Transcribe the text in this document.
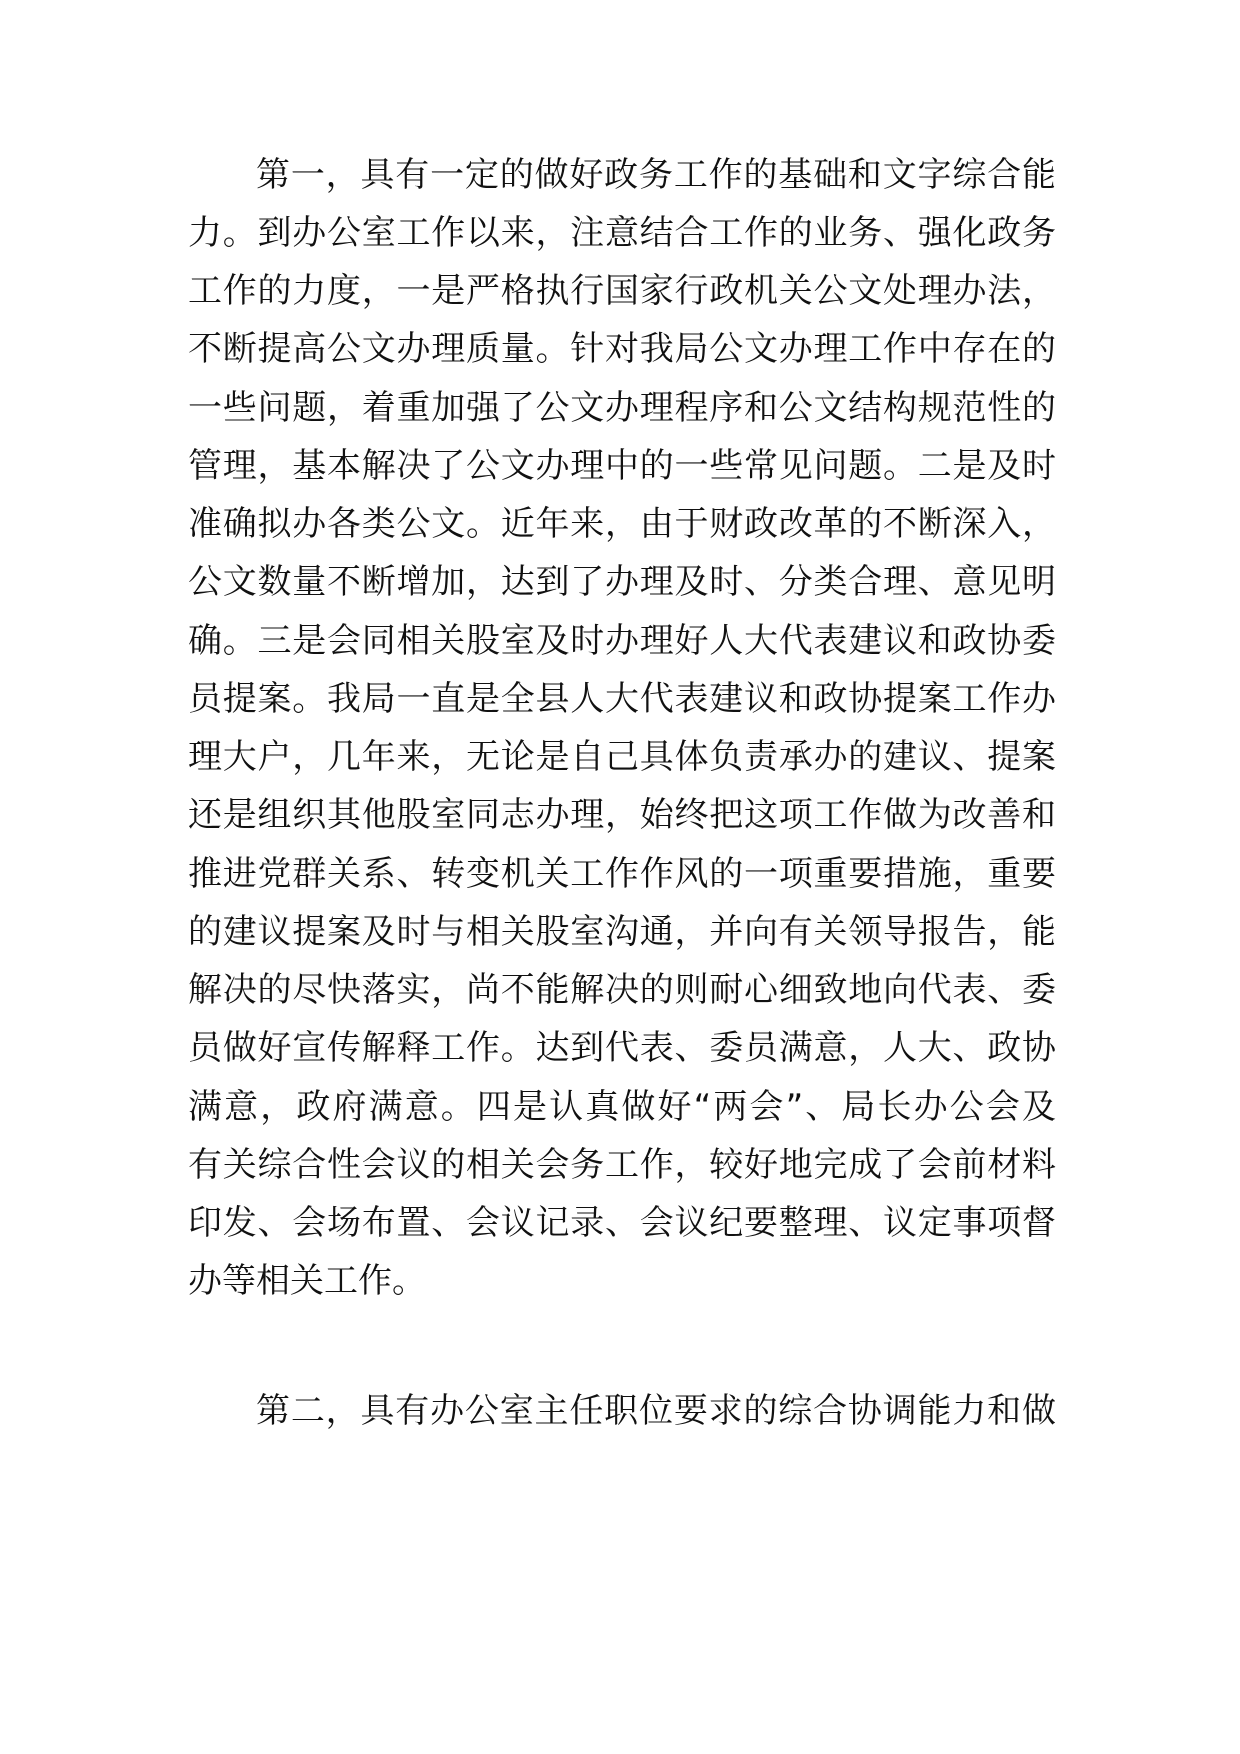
第一，具有一定的做好政务工作的基础和文字综合能
力。到办公室工作以来，注意结合工作的业务、强化政务
工作的力度，一是严格执行国家行政机关公文处理办法，
不断提高公文办理质量。针对我局公文办理工作中存在的
一些问题，着重加强了公文办理程序和公文结构规范性的
管理，基本解决了公文办理中的一些常见问题。二是及时
准确拟办各类公文。近年来，由于财政改革的不断深入，
公文数量不断增加，达到了办理及时、分类合理、意见明
确。三是会同相关股室及时办理好人大代表建议和政协委
员提案。我局一直是全县人大代表建议和政协提案工作办
理大户，几年来，无论是自己具体负责承办的建议、提案
还是组织其他股室同志办理，始终把这项工作做为改善和
推进党群关系、转变机关工作作风的一项重要措施，重要
的建议提案及时与相关股室沟通，并向有关领导报告，能
解决的尽快落实，尚不能解决的则耐心细致地向代表、委
员做好宣传解释工作。达到代表、委员满意，人大、政协
满意，政府满意。四是认真做好“两会”、局长办公会及
有关综合性会议的相关会务工作，较好地完成了会前材料
印发、会场布置、会议记录、会议纪要整理、议定事项督
办等相关工作。
第二，具有办公室主任职位要求的综合协调能力和做
